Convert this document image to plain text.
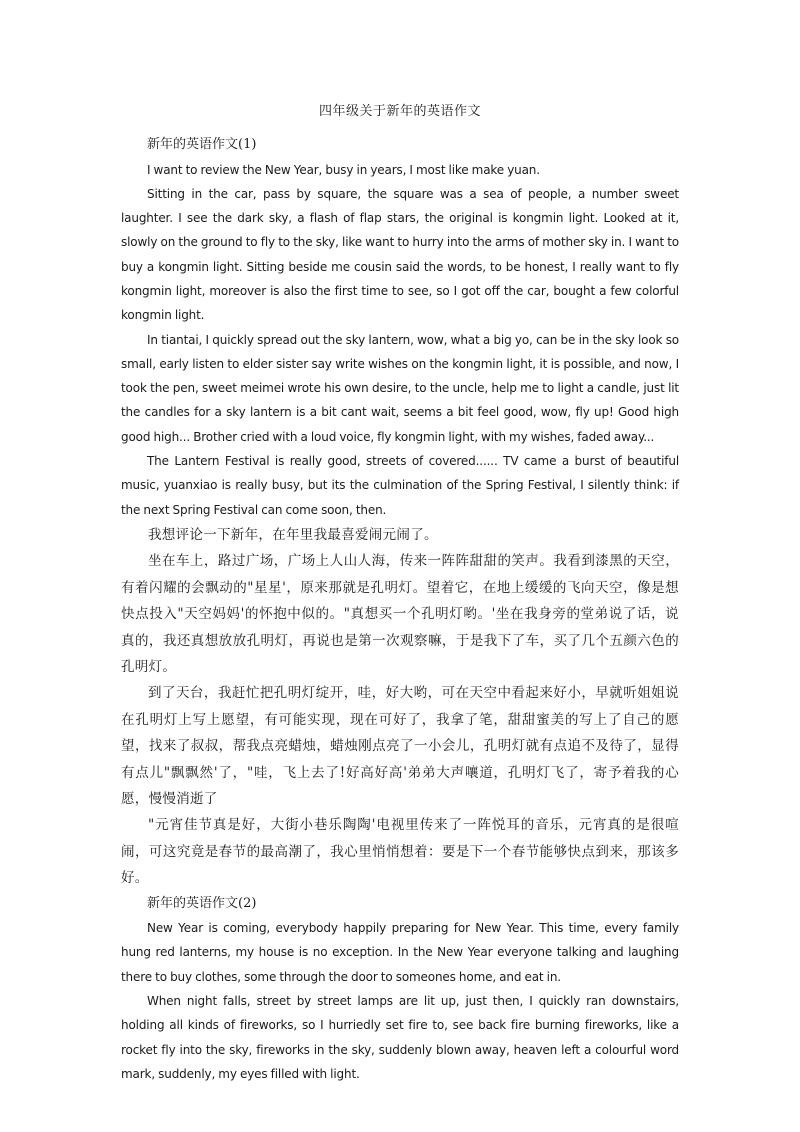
四年级关于新年的英语作文

新年的英语作文(1)

I want to review the New Year, busy in years, I most like make yuan.

Sitting in the car, pass by square, the square was a sea of people, a number sweet laughter. I see the dark sky, a flash of flap stars, the original is kongmin light. Looked at it, slowly on the ground to fly to the sky, like want to hurry into the arms of mother sky in. I want to buy a kongmin light. Sitting beside me cousin said the words, to be honest, I really want to fly kongmin light, moreover is also the first time to see, so I got off the car, bought a few colorful kongmin light.

In tiantai, I quickly spread out the sky lantern, wow, what a big yo, can be in the sky look so small, early listen to elder sister say write wishes on the kongmin light, it is possible, and now, I took the pen, sweet meimei wrote his own desire, to the uncle, help me to light a candle, just lit the candles for a sky lantern is a bit cant wait, seems a bit feel good, wow, fly up! Good high good high... Brother cried with a loud voice, fly kongmin light, with my wishes, faded away...

The Lantern Festival is really good, streets of covered...... TV came a burst of beautiful music, yuanxiao is really busy, but its the culmination of the Spring Festival, I silently think: if the next Spring Festival can come soon, then.

我想评论一下新年，在年里我最喜爱闹元闹了。

坐在车上，路过广场，广场上人山人海，传来一阵阵甜甜的笑声。我看到漆黑的天空，有着闪耀的会飘动的"星星'，原来那就是孔明灯。望着它，在地上缓缓的飞向天空，像是想快点投入"天空妈妈'的怀抱中似的。"真想买一个孔明灯哟。'坐在我身旁的堂弟说了话，说真的，我还真想放放孔明灯，再说也是第一次观察嘛，于是我下了车，买了几个五颜六色的孔明灯。

到了天台，我赶忙把孔明灯绽开，哇，好大哟，可在天空中看起来好小，早就听姐姐说在孔明灯上写上愿望，有可能实现，现在可好了，我拿了笔，甜甜蜜美的写上了自己的愿望，找来了叔叔，帮我点亮蜡烛，蜡烛刚点亮了一小会儿，孔明灯就有点追不及待了，显得有点儿"飘飘然'了，"哇，飞上去了!好高好高'弟弟大声嚷道，孔明灯飞了，寄予着我的心愿，慢慢消逝了

"元宵佳节真是好，大街小巷乐陶陶'电视里传来了一阵悦耳的音乐，元宵真的是很喧闹，可这究竟是春节的最高潮了，我心里悄悄想着：要是下一个春节能够快点到来，那该多好。

新年的英语作文(2)

New Year is coming, everybody happily preparing for New Year. This time, every family hung red lanterns, my house is no exception. In the New Year everyone talking and laughing there to buy clothes, some through the door to someones home, and eat in.

When night falls, street by street lamps are lit up, just then, I quickly ran downstairs, holding all kinds of fireworks, so I hurriedly set fire to, see back fire burning fireworks, like a rocket fly into the sky, fireworks in the sky, suddenly blown away, heaven left a colourful word mark, suddenly, my eyes filled with light.
